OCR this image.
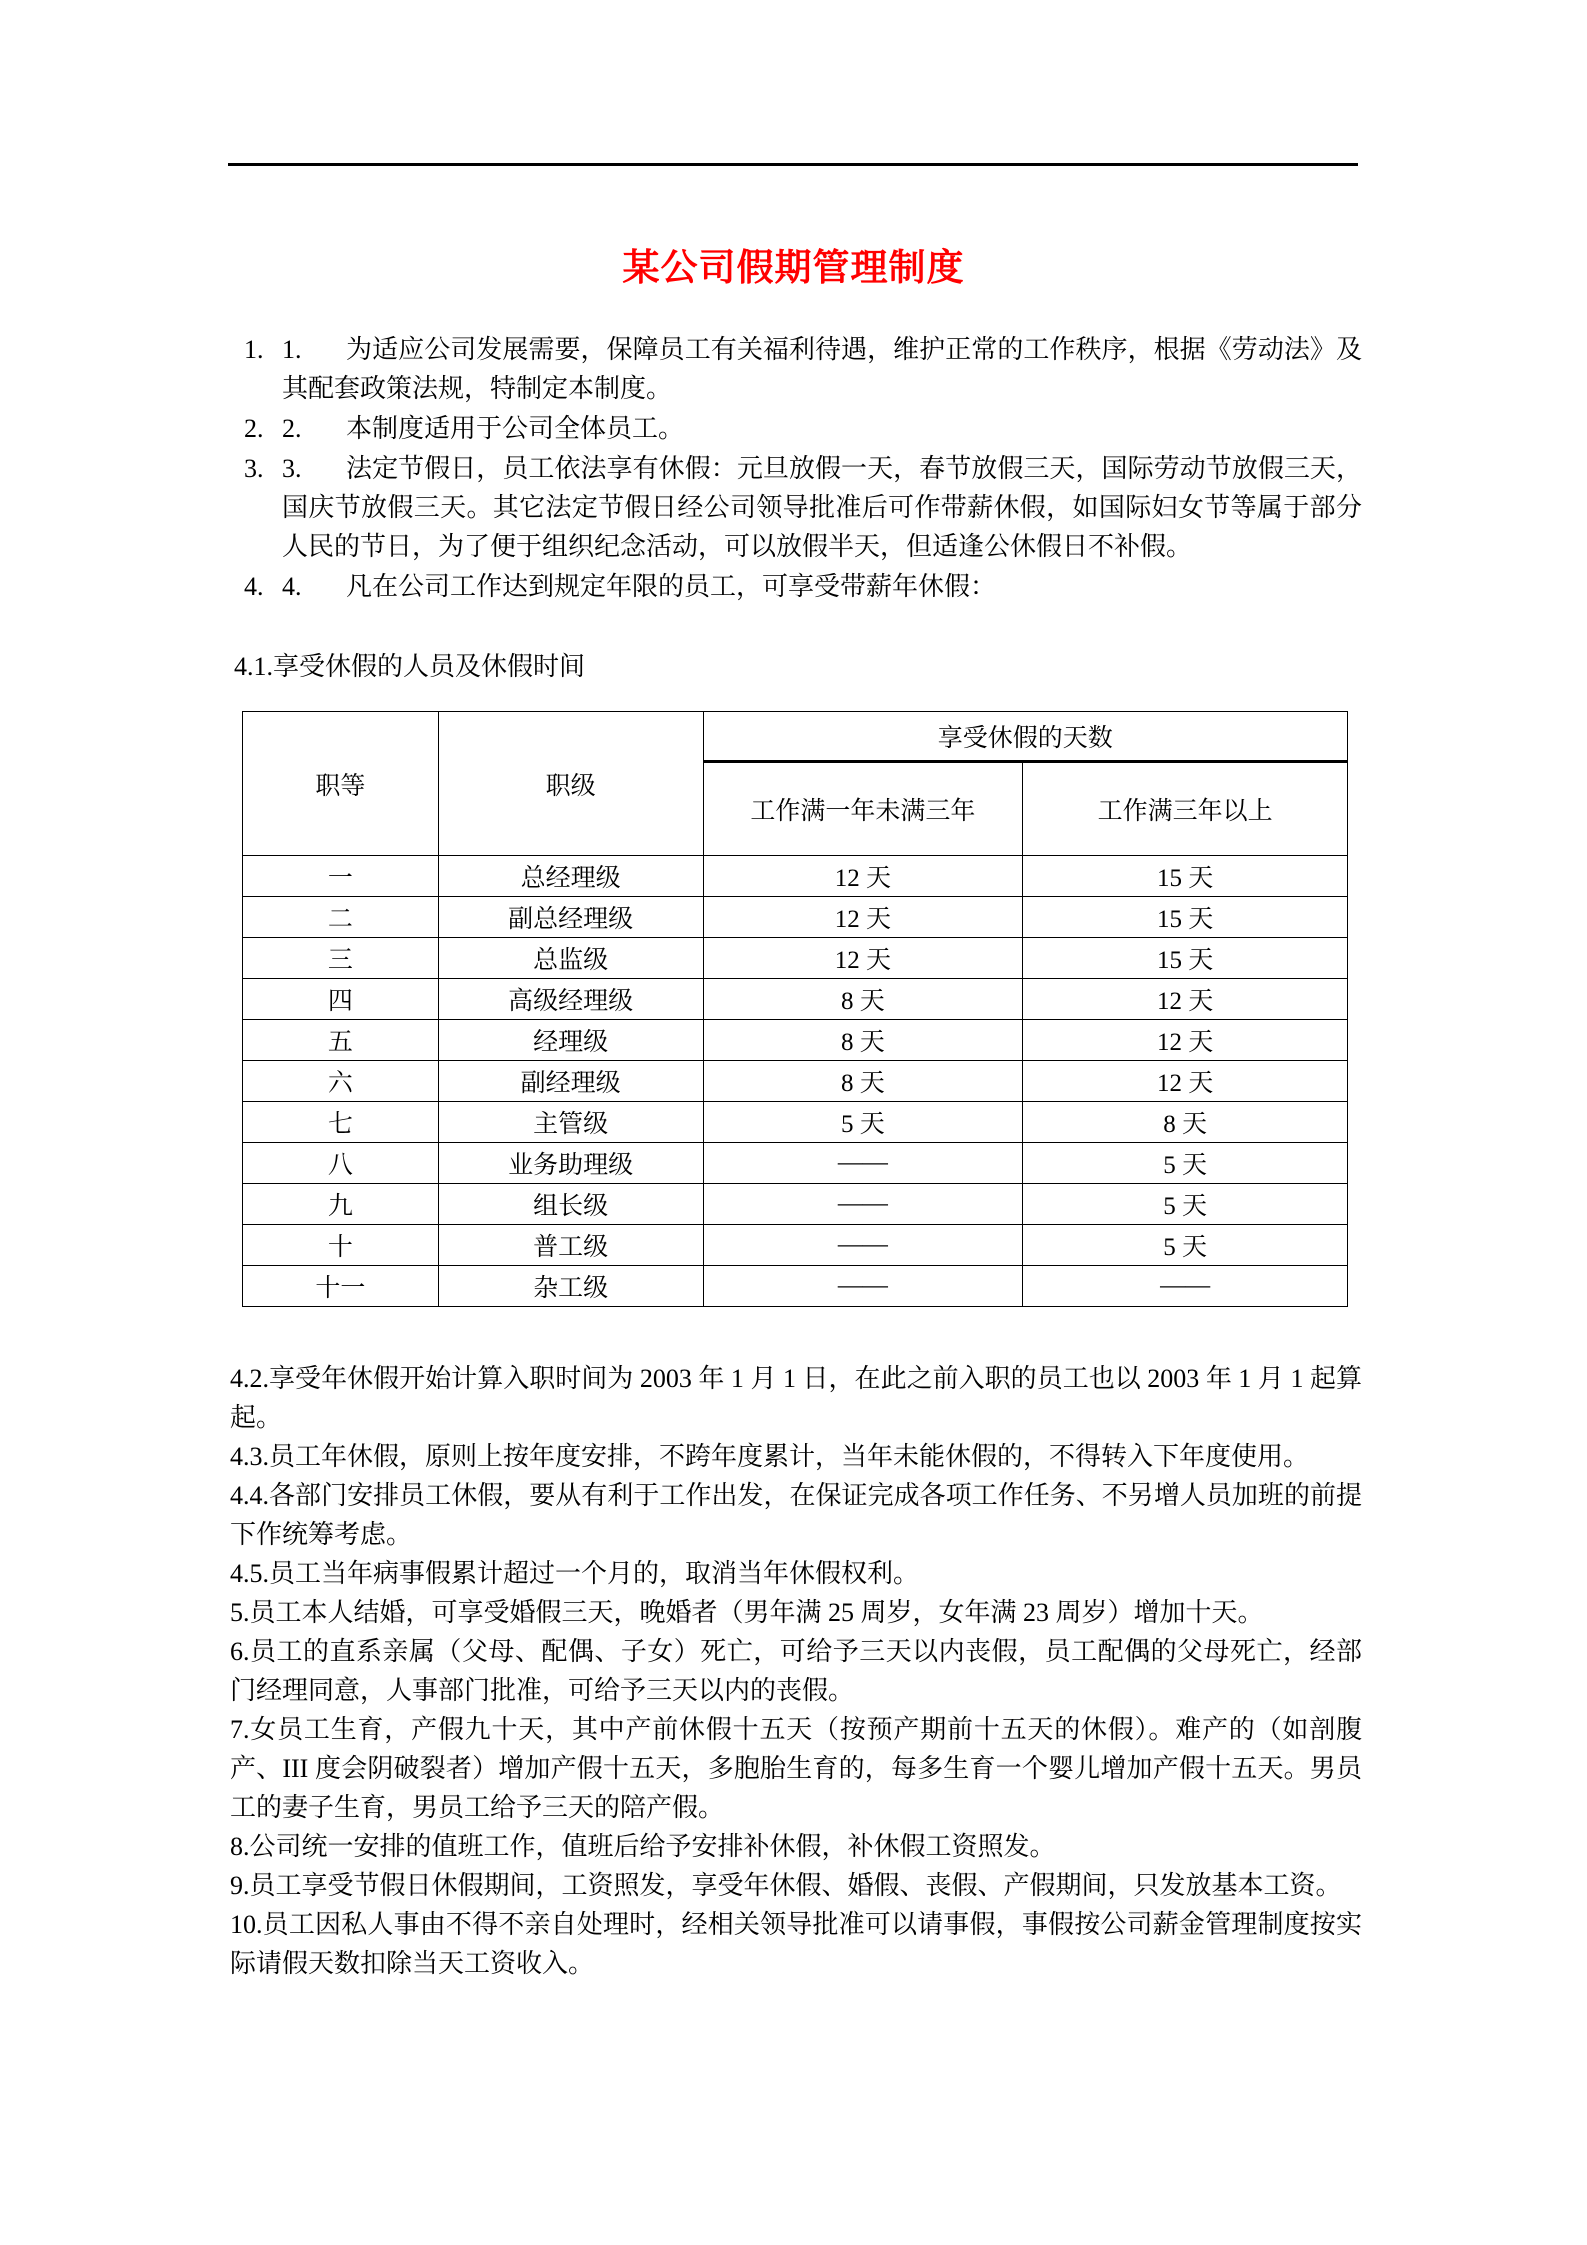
某公司假期管理制度
1. 1. 为适应公司发展需要，保障员工有关福利待遇，维护正常的工作秩序，根据《劳动法》及其配套政策法规，特制定本制度。
2. 2. 本制度适用于公司全体员工。
3. 3. 法定节假日，员工依法享有休假：元旦放假一天，春节放假三天，国际劳动节放假三天，国庆节放假三天。其它法定节假日经公司领导批准后可作带薪休假，如国际妇女节等属于部分人民的节日，为了便于组织纪念活动，可以放假半天，但适逢公休假日不补假。
4. 4. 凡在公司工作达到规定年限的员工，可享受带薪年休假：
4.1.享受休假的人员及休假时间
职等	职级	享受休假的天数	
		工作满一年未满三年	工作满三年以上
一	总经理级	12 天	15 天
二	副总经理级	12 天	15 天
三	总监级	12 天	15 天
四	高级经理级	8 天	12 天
五	经理级	8 天	12 天
六	副经理级	8 天	12 天
七	主管级	5 天	8 天
八	业务助理级	——	5 天
九	组长级	——	5 天
十	普工级	——	5 天
十一	杂工级	——	——

4.2.享受年休假开始计算入职时间为 2003 年 1 月 1 日，在此之前入职的员工也以 2003 年 1 月 1 起算起。

4.3.员工年休假，原则上按年度安排，不跨年度累计，当年未能休假的，不得转入下年度使用。

4.4.各部门安排员工休假，要从有利于工作出发，在保证完成各项工作任务、不另增人员加班的前提下作统筹考虑。

4.5.员工当年病事假累计超过一个月的，取消当年休假权利。

5.员工本人结婚，可享受婚假三天，晚婚者（男年满 25 周岁，女年满 23 周岁）增加十天。

6.员工的直系亲属（父母、配偶、子女）死亡，可给予三天以内丧假，员工配偶的父母死亡，经部门经理同意，人事部门批准，可给予三天以内的丧假。

7.女员工生育，产假九十天，其中产前休假十五天（按预产期前十五天的休假）。难产的（如剖腹产、III 度会阴破裂者）增加产假十五天，多胞胎生育的，每多生育一个婴儿增加产假十五天。男员工的妻子生育，男员工给予三天的陪产假。

8.公司统一安排的值班工作，值班后给予安排补休假，补休假工资照发。

9.员工享受节假日休假期间，工资照发，享受年休假、婚假、丧假、产假期间，只发放基本工资。

10.员工因私人事由不得不亲自处理时，经相关领导批准可以请事假，事假按公司薪金管理制度按实际请假天数扣除当天工资收入。
